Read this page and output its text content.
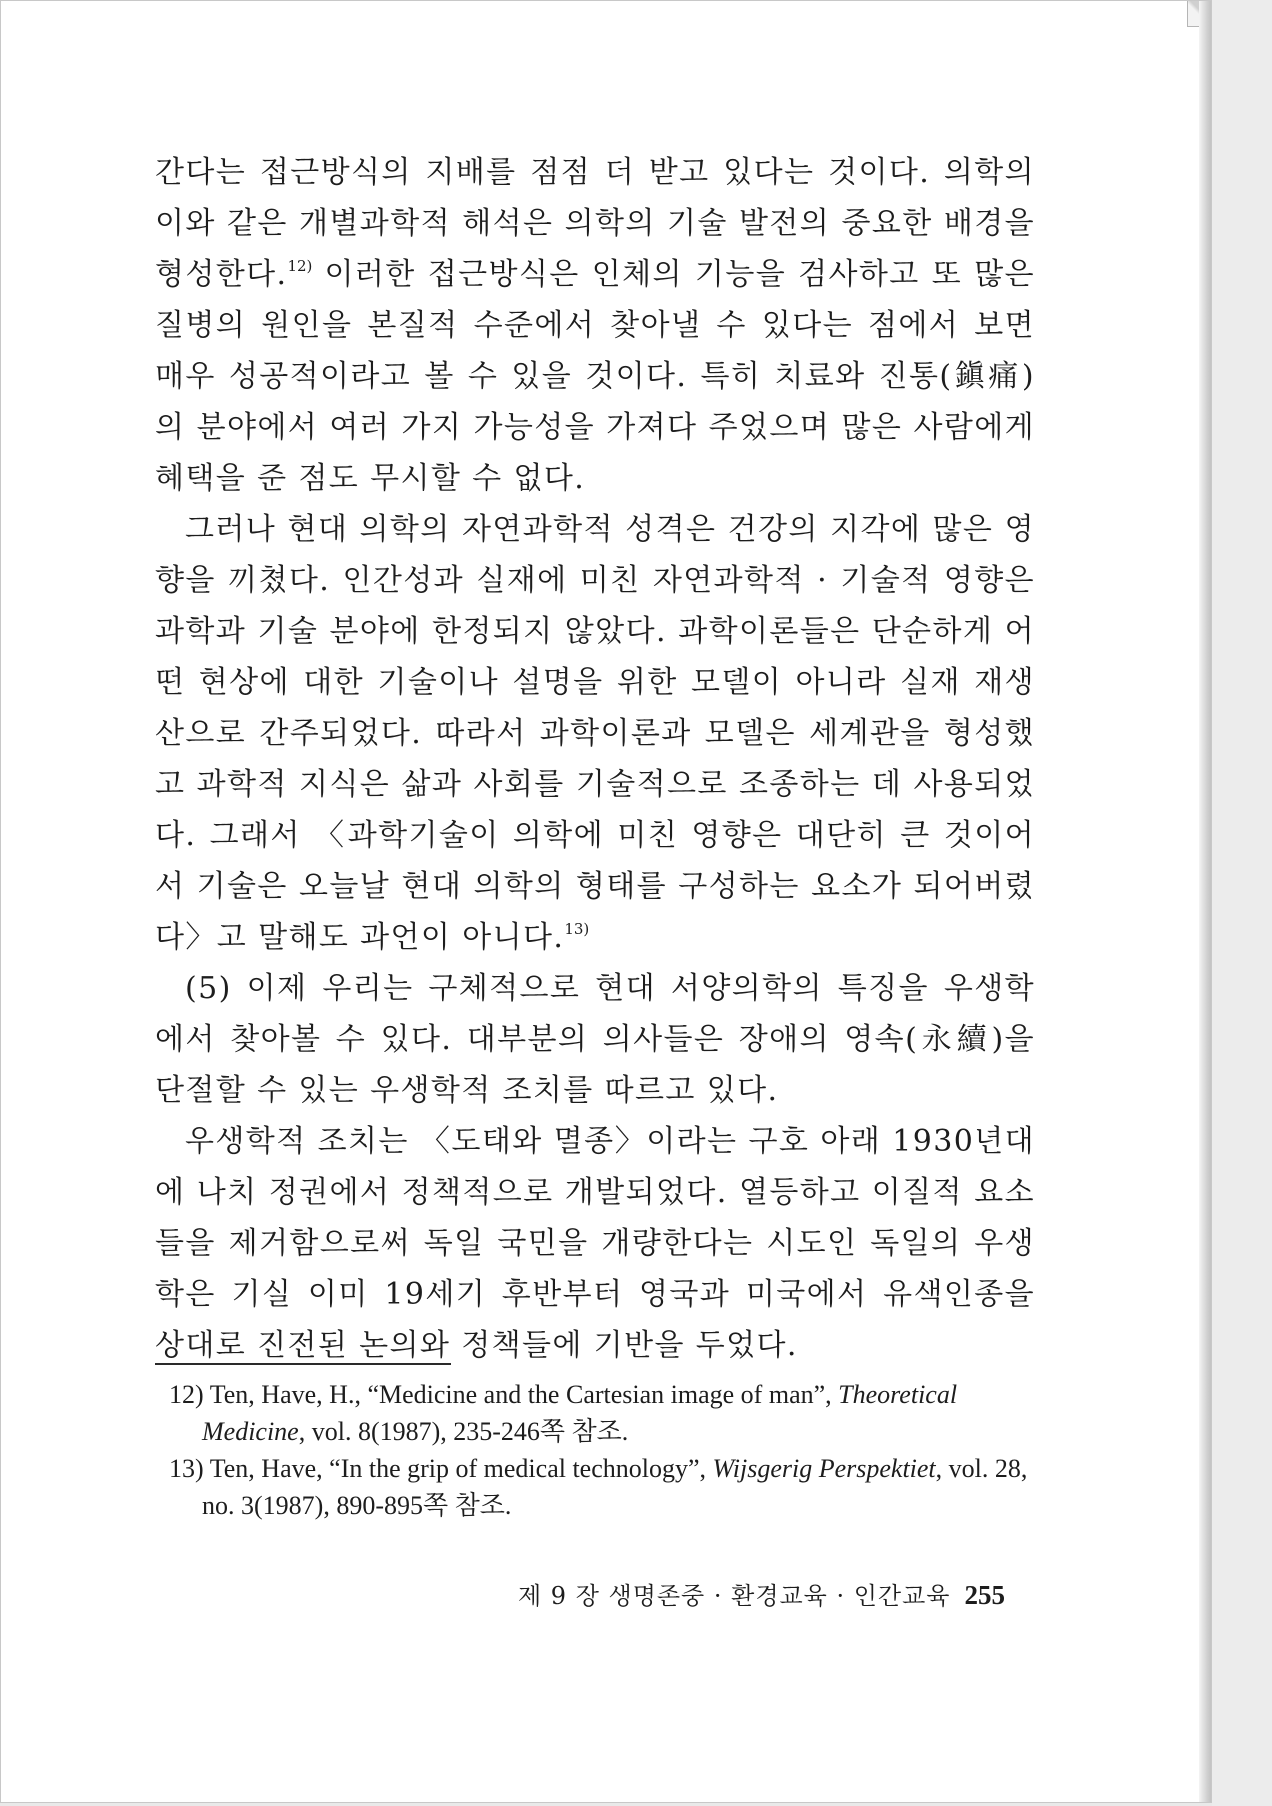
간다는 접근방식의 지배를 점점 더 받고 있다는 것이다. 의학의 이와 같은 개별과학적 해석은 의학의 기술 발전의 중요한 배경을 형성한다.$^{12)}$ 이러한 접근방식은 인체의 기능을 검사하고 또 많은 질병의 원인을 본질적 수준에서 찾아낼 수 있다는 점에서 보면 매우 성공적이라고 볼 수 있을 것이다. 특히 치료와 진통(鎭痛)의 분야에서 여러 가지 가능성을 가져다 주었으며 많은 사람에게 혜택을 준 점도 무시할 수 없다.

그러나 현대 의학의 자연과학적 성격은 건강의 지각에 많은 영향을 끼쳤다. 인간성과 실재에 미친 자연과학적 · 기술적 영향은 과학과 기술 분야에 한정되지 않았다. 과학이론들은 단순하게 어떤 현상에 대한 기술이나 설명을 위한 모델이 아니라 실재 재생산으로 간주되었다. 따라서 과학이론과 모델은 세계관을 형성했고 과학적 지식은 삶과 사회를 기술적으로 조종하는 데 사용되었다. 그래서 〈과학기술이 의학에 미친 영향은 대단히 큰 것이어서 기술은 오늘날 현대 의학의 형태를 구성하는 요소가 되어버렸다〉고 말해도 과언이 아니다.$^{13)}$

(5) 이제 우리는 구체적으로 현대 서양의학의 특징을 우생학에서 찾아볼 수 있다. 대부분의 의사들은 장애의 영속(永續)을 단절할 수 있는 우생학적 조치를 따르고 있다.

우생학적 조치는 〈도태와 멸종〉이라는 구호 아래 1930년대에 나치 정권에서 정책적으로 개발되었다. 열등하고 이질적 요소들을 제거함으로써 독일 국민을 개량한다는 시도인 독일의 우생학은 기실 이미 19세기 후반부터 영국과 미국에서 유색인종을 상대로 진전된 논의와 정책들에 기반을 두었다.

12) Ten, Have, H., “Medicine and the Cartesian image of man”, Theoretical Medicine, vol. 8(1987), 235-246쪽 참조.

13) Ten, Have, “In the grip of medical technology”, Wijsgerig Perspektiet, vol. 28, no. 3(1987), 890-895쪽 참조.

제 9 장 생명존중 · 환경교육 · 인간교육 255
